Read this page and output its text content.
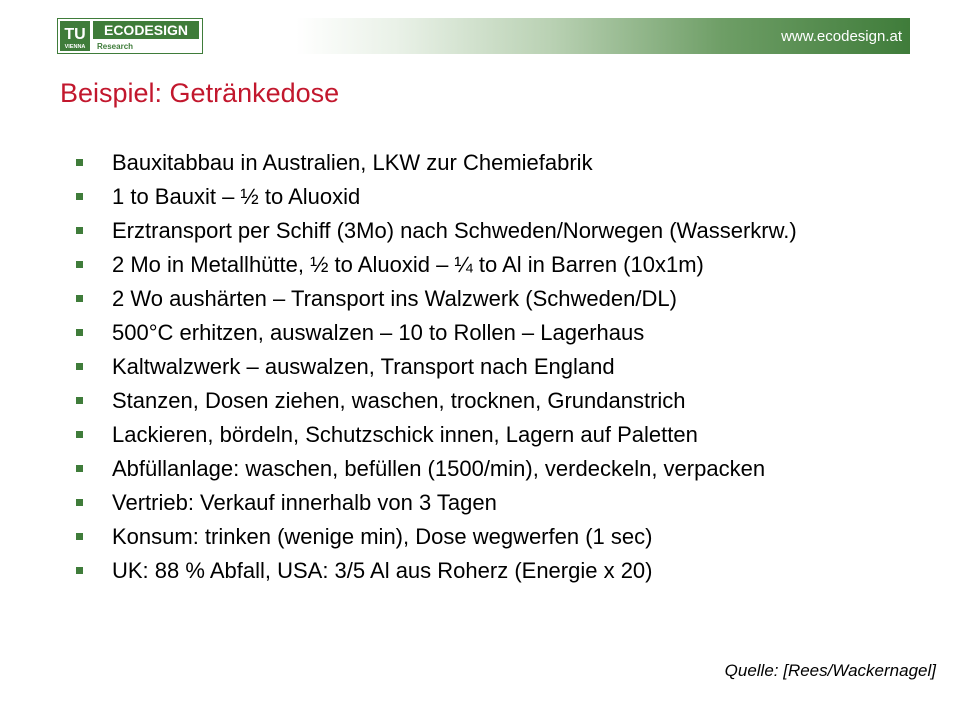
TU
VIENNA
ECODESIGN
Research
www.ecodesign.at
Beispiel: Getränkedose
Bauxitabbau in Australien, LKW zur Chemiefabrik
1 to Bauxit – ½ to Aluoxid
Erztransport per Schiff (3Mo) nach Schweden/Norwegen (Wasserkrw.)
2 Mo in Metallhütte, ½ to Aluoxid – ¼ to Al in Barren (10x1m)
2 Wo aushärten – Transport ins Walzwerk (Schweden/DL)
500°C erhitzen, auswalzen – 10 to Rollen – Lagerhaus
Kaltwalzwerk – auswalzen, Transport nach England
Stanzen, Dosen ziehen, waschen, trocknen, Grundanstrich
Lackieren, bördeln, Schutzschick innen, Lagern auf Paletten
Abfüllanlage: waschen, befüllen (1500/min), verdeckeln, verpacken
Vertrieb: Verkauf innerhalb von 3 Tagen
Konsum: trinken (wenige min), Dose wegwerfen (1 sec)
UK: 88 % Abfall, USA: 3/5 Al aus Roherz (Energie x 20)
Quelle: [Rees/Wackernagel]
